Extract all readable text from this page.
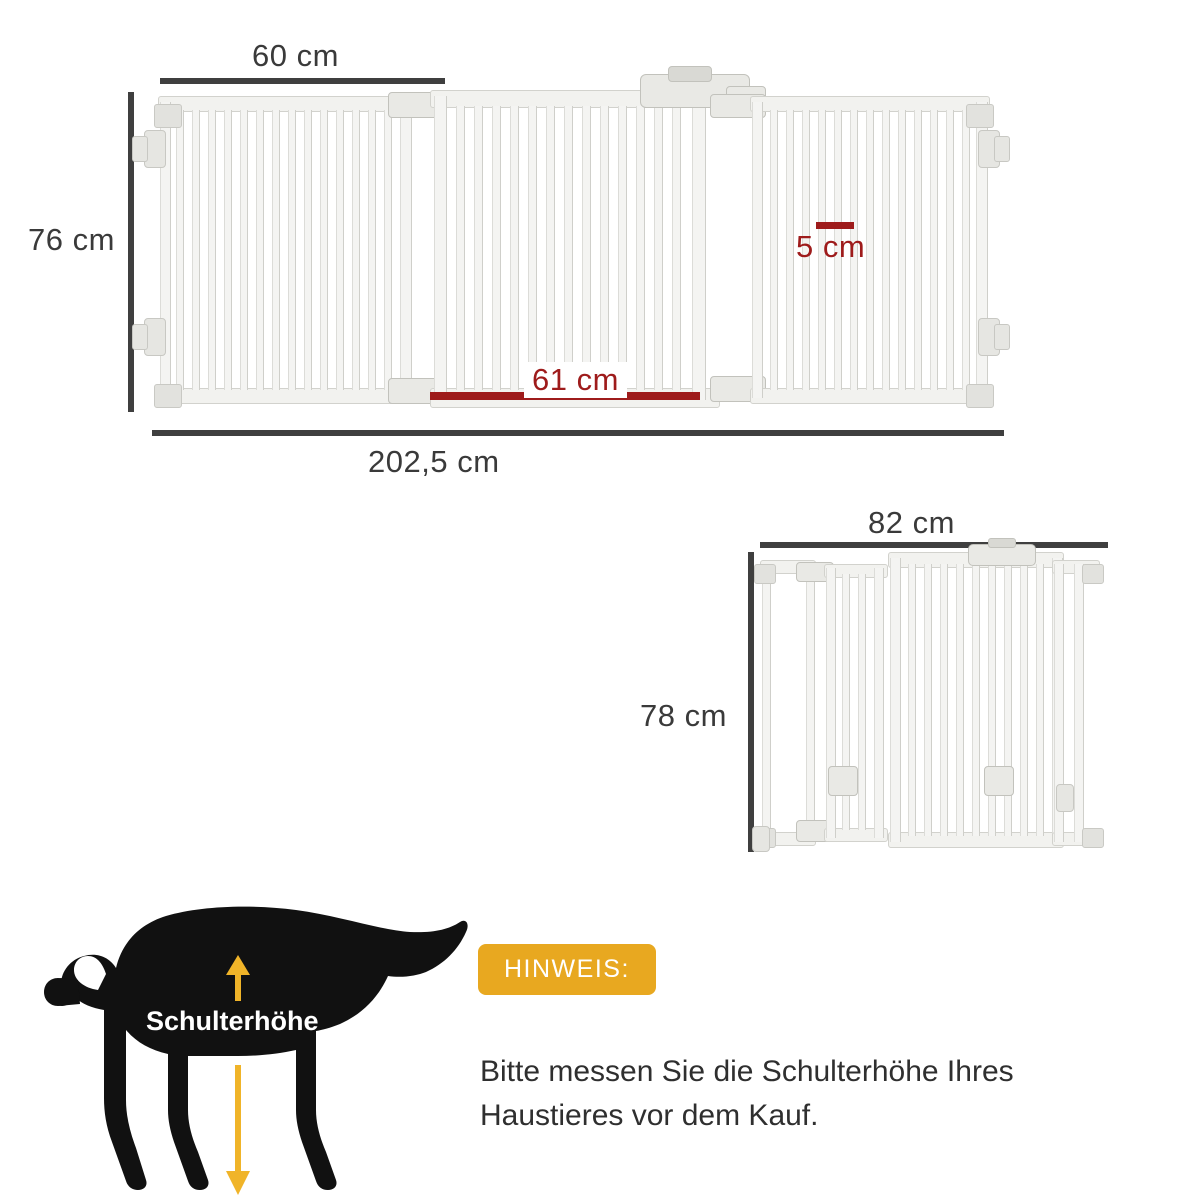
60 cm
76 cm	5 cm
61 cm
202,5 cm
82 cm
78 cm
Schulterhöhe
HINWEIS:
Bitte messen Sie die Schulterhöhe Ihres Haustieres vor dem Kauf.
